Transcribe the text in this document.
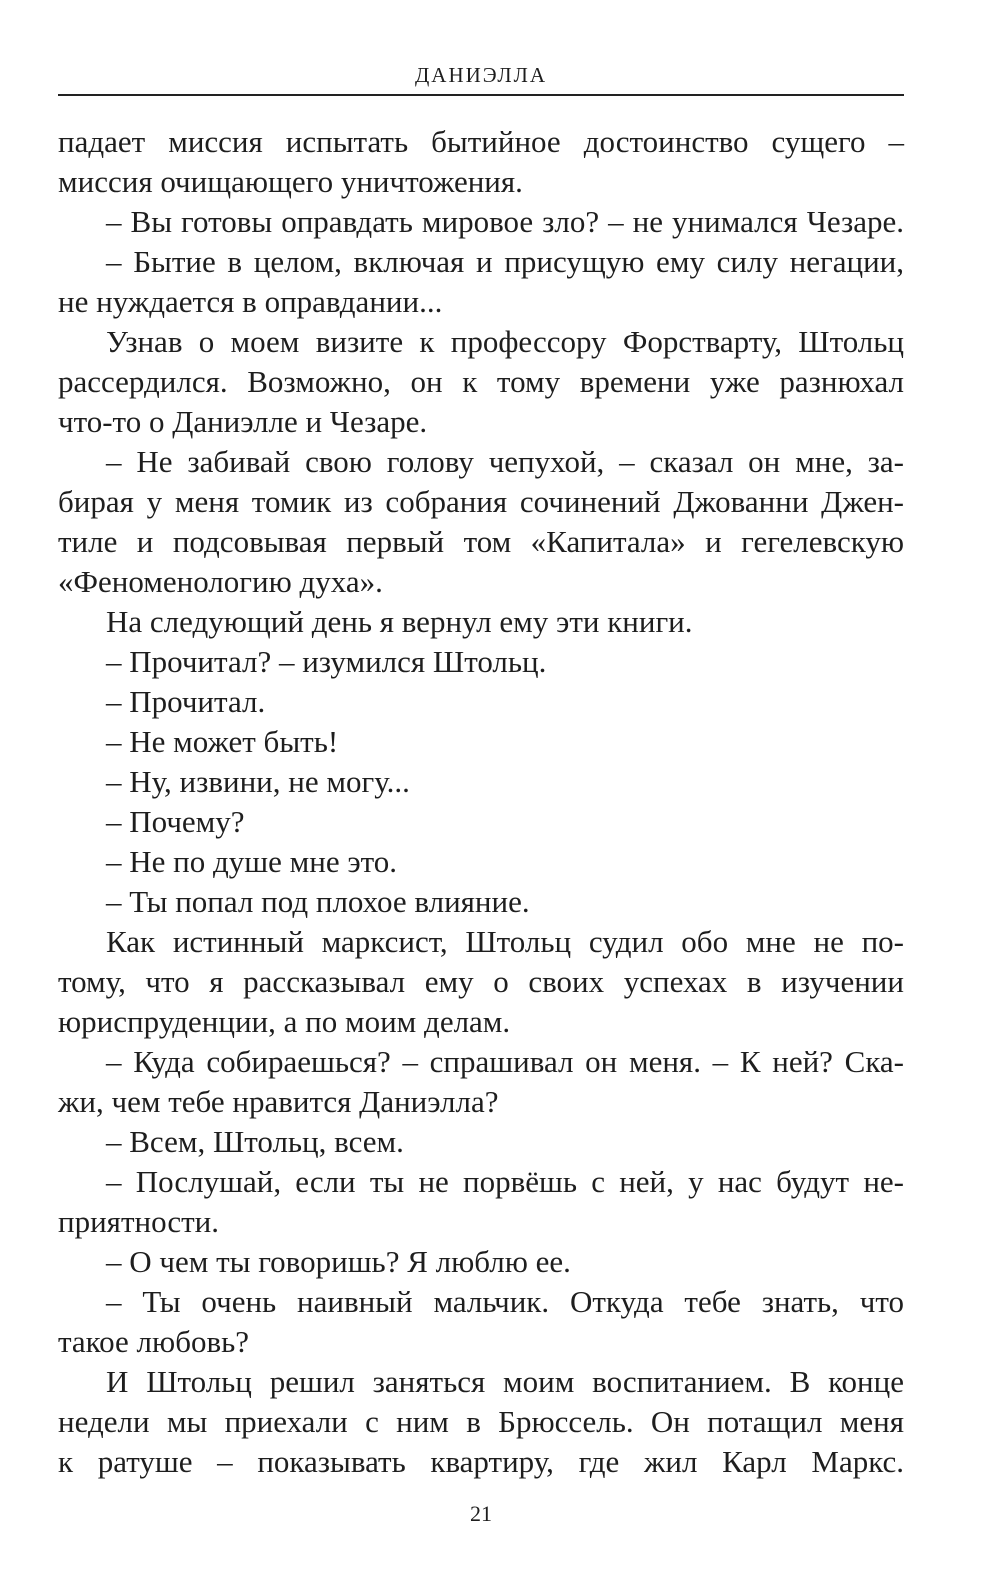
ДАНИЭЛЛА
падает миссия испытать бытийное достоинство сущего –
миссия очищающего уничтожения.
– Вы готовы оправдать мировое зло? – не унимался Чезаре.
– Бытие в целом, включая и присущую ему силу негации,
не нуждается в оправдании...
Узнав о моем визите к профессору Форстварту, Штольц
рассердился. Возможно, он к тому времени уже разнюхал
что-то о Даниэлле и Чезаре.
– Не забивай свою голову чепухой, – сказал он мне, за-
бирая у меня томик из собрания сочинений Джованни Джен-
тиле и подсовывая первый том «Капитала» и гегелевскую
«Феноменологию духа».
На следующий день я вернул ему эти книги.
– Прочитал? – изумился Штольц.
– Прочитал.
– Не может быть!
– Ну, извини, не могу...
– Почему?
– Не по душе мне это.
– Ты попал под плохое влияние.
Как истинный марксист, Штольц судил обо мне не по-
тому, что я рассказывал ему о своих успехах в изучении
юриспруденции, а по моим делам.
– Куда собираешься? – спрашивал он меня. – К ней? Ска-
жи, чем тебе нравится Даниэлла?
– Всем, Штольц, всем.
– Послушай, если ты не порвёшь с ней, у нас будут не-
приятности.
– О чем ты говоришь? Я люблю ее.
– Ты очень наивный мальчик. Откуда тебе знать, что
такое любовь?
И Штольц решил заняться моим воспитанием. В конце
недели мы приехали с ним в Брюссель. Он потащил меня
к ратуше – показывать квартиру, где жил Карл Маркс.
21
